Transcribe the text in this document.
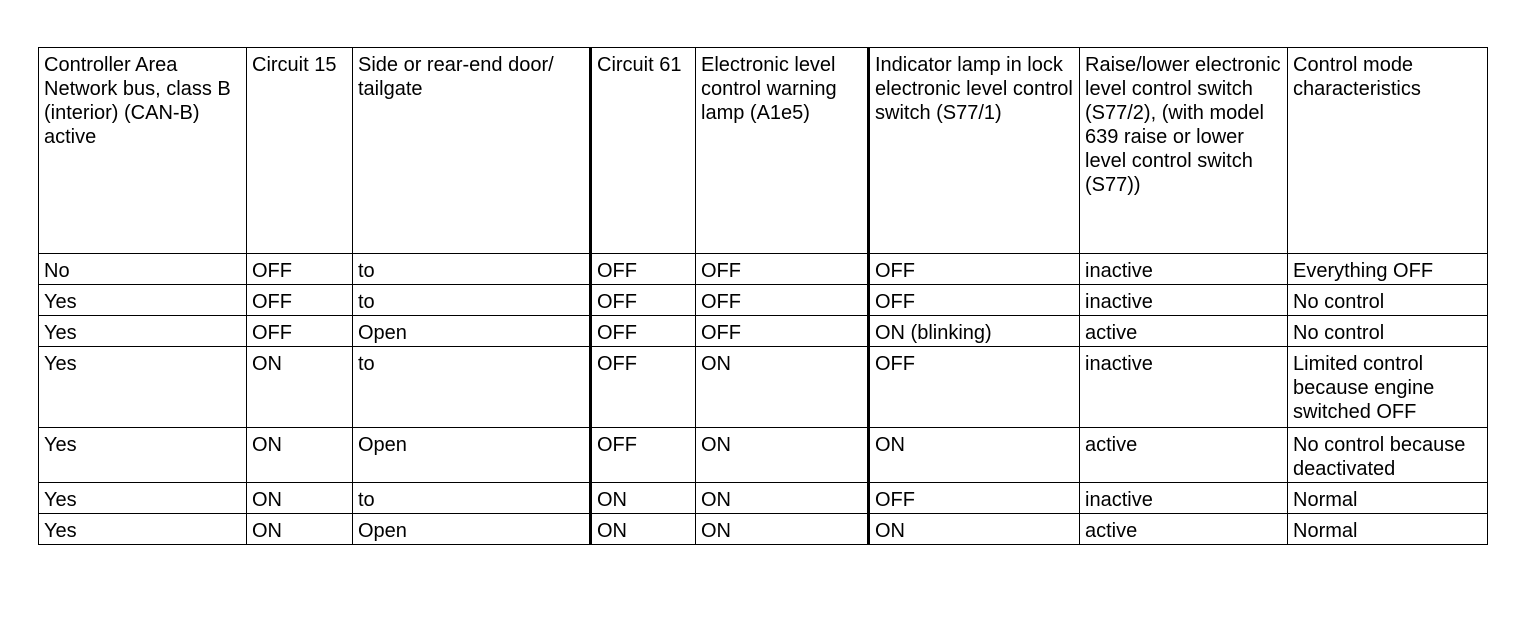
Controller Area Network bus, class B (interior) (CAN-B) active	Circuit 15	Side or rear-end door/ tailgate	Circuit 61	Electronic level control warning lamp (A1e5)	Indicator lamp in lock electronic level control switch (S77/1)	Raise/lower electronic level control switch (S77/2), (with model 639 raise or lower level control switch (S77))	Control mode characteristics
No	OFF	to	OFF	OFF	OFF	inactive	Everything OFF
Yes	OFF	to	OFF	OFF	OFF	inactive	No control
Yes	OFF	Open	OFF	OFF	ON (blinking)	active	No control
Yes	ON	to	OFF	ON	OFF	inactive	Limited control because engine switched OFF
Yes	ON	Open	OFF	ON	ON	active	No control because deactivated
Yes	ON	to	ON	ON	OFF	inactive	Normal
Yes	ON	Open	ON	ON	ON	active	Normal
